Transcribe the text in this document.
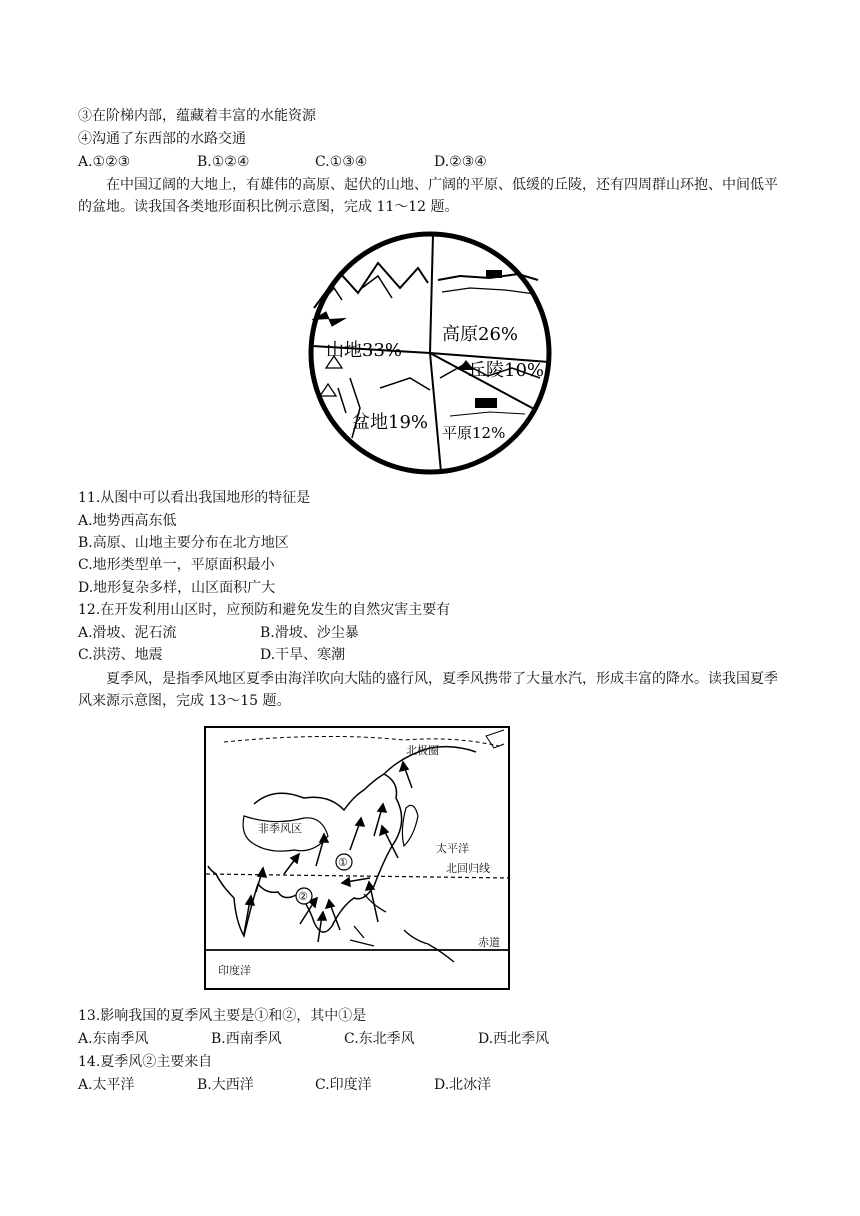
③在阶梯内部，蕴藏着丰富的水能资源
④沟通了东西部的水路交通
A.①②③	B.①②④	C.①③④	D.②③④
在中国辽阔的大地上，有雄伟的高原、起伏的山地、广阔的平原、低缓的丘陵，还有四周群山环抱、中间低平的盆地。读我国各类地形面积比例示意图，完成 11～12 题。
山地33%
高原26%
丘陵10%
平原12%
盆地19%
11.从图中可以看出我国地形的特征是
A.地势西高东低
B.高原、山地主要分布在北方地区
C.地形类型单一，平原面积最小
D.地形复杂多样，山区面积广大
12.在开发利用山区时，应预防和避免发生的自然灾害主要有
A.滑坡、泥石流	B.滑坡、沙尘暴
C.洪涝、地震	D.干旱、寒潮
夏季风，是指季风地区夏季由海洋吹向大陆的盛行风，夏季风携带了大量水汽，形成丰富的降水。读我国夏季风来源示意图，完成 13～15 题。
①
②
北极圈
非季风区
太平洋
北回归线
赤道
印度洋
13.影响我国的夏季风主要是①和②，其中①是
A.东南季风	B.西南季风	C.东北季风	D.西北季风
14.夏季风②主要来自
A.太平洋	B.大西洋	C.印度洋	D.北冰洋
